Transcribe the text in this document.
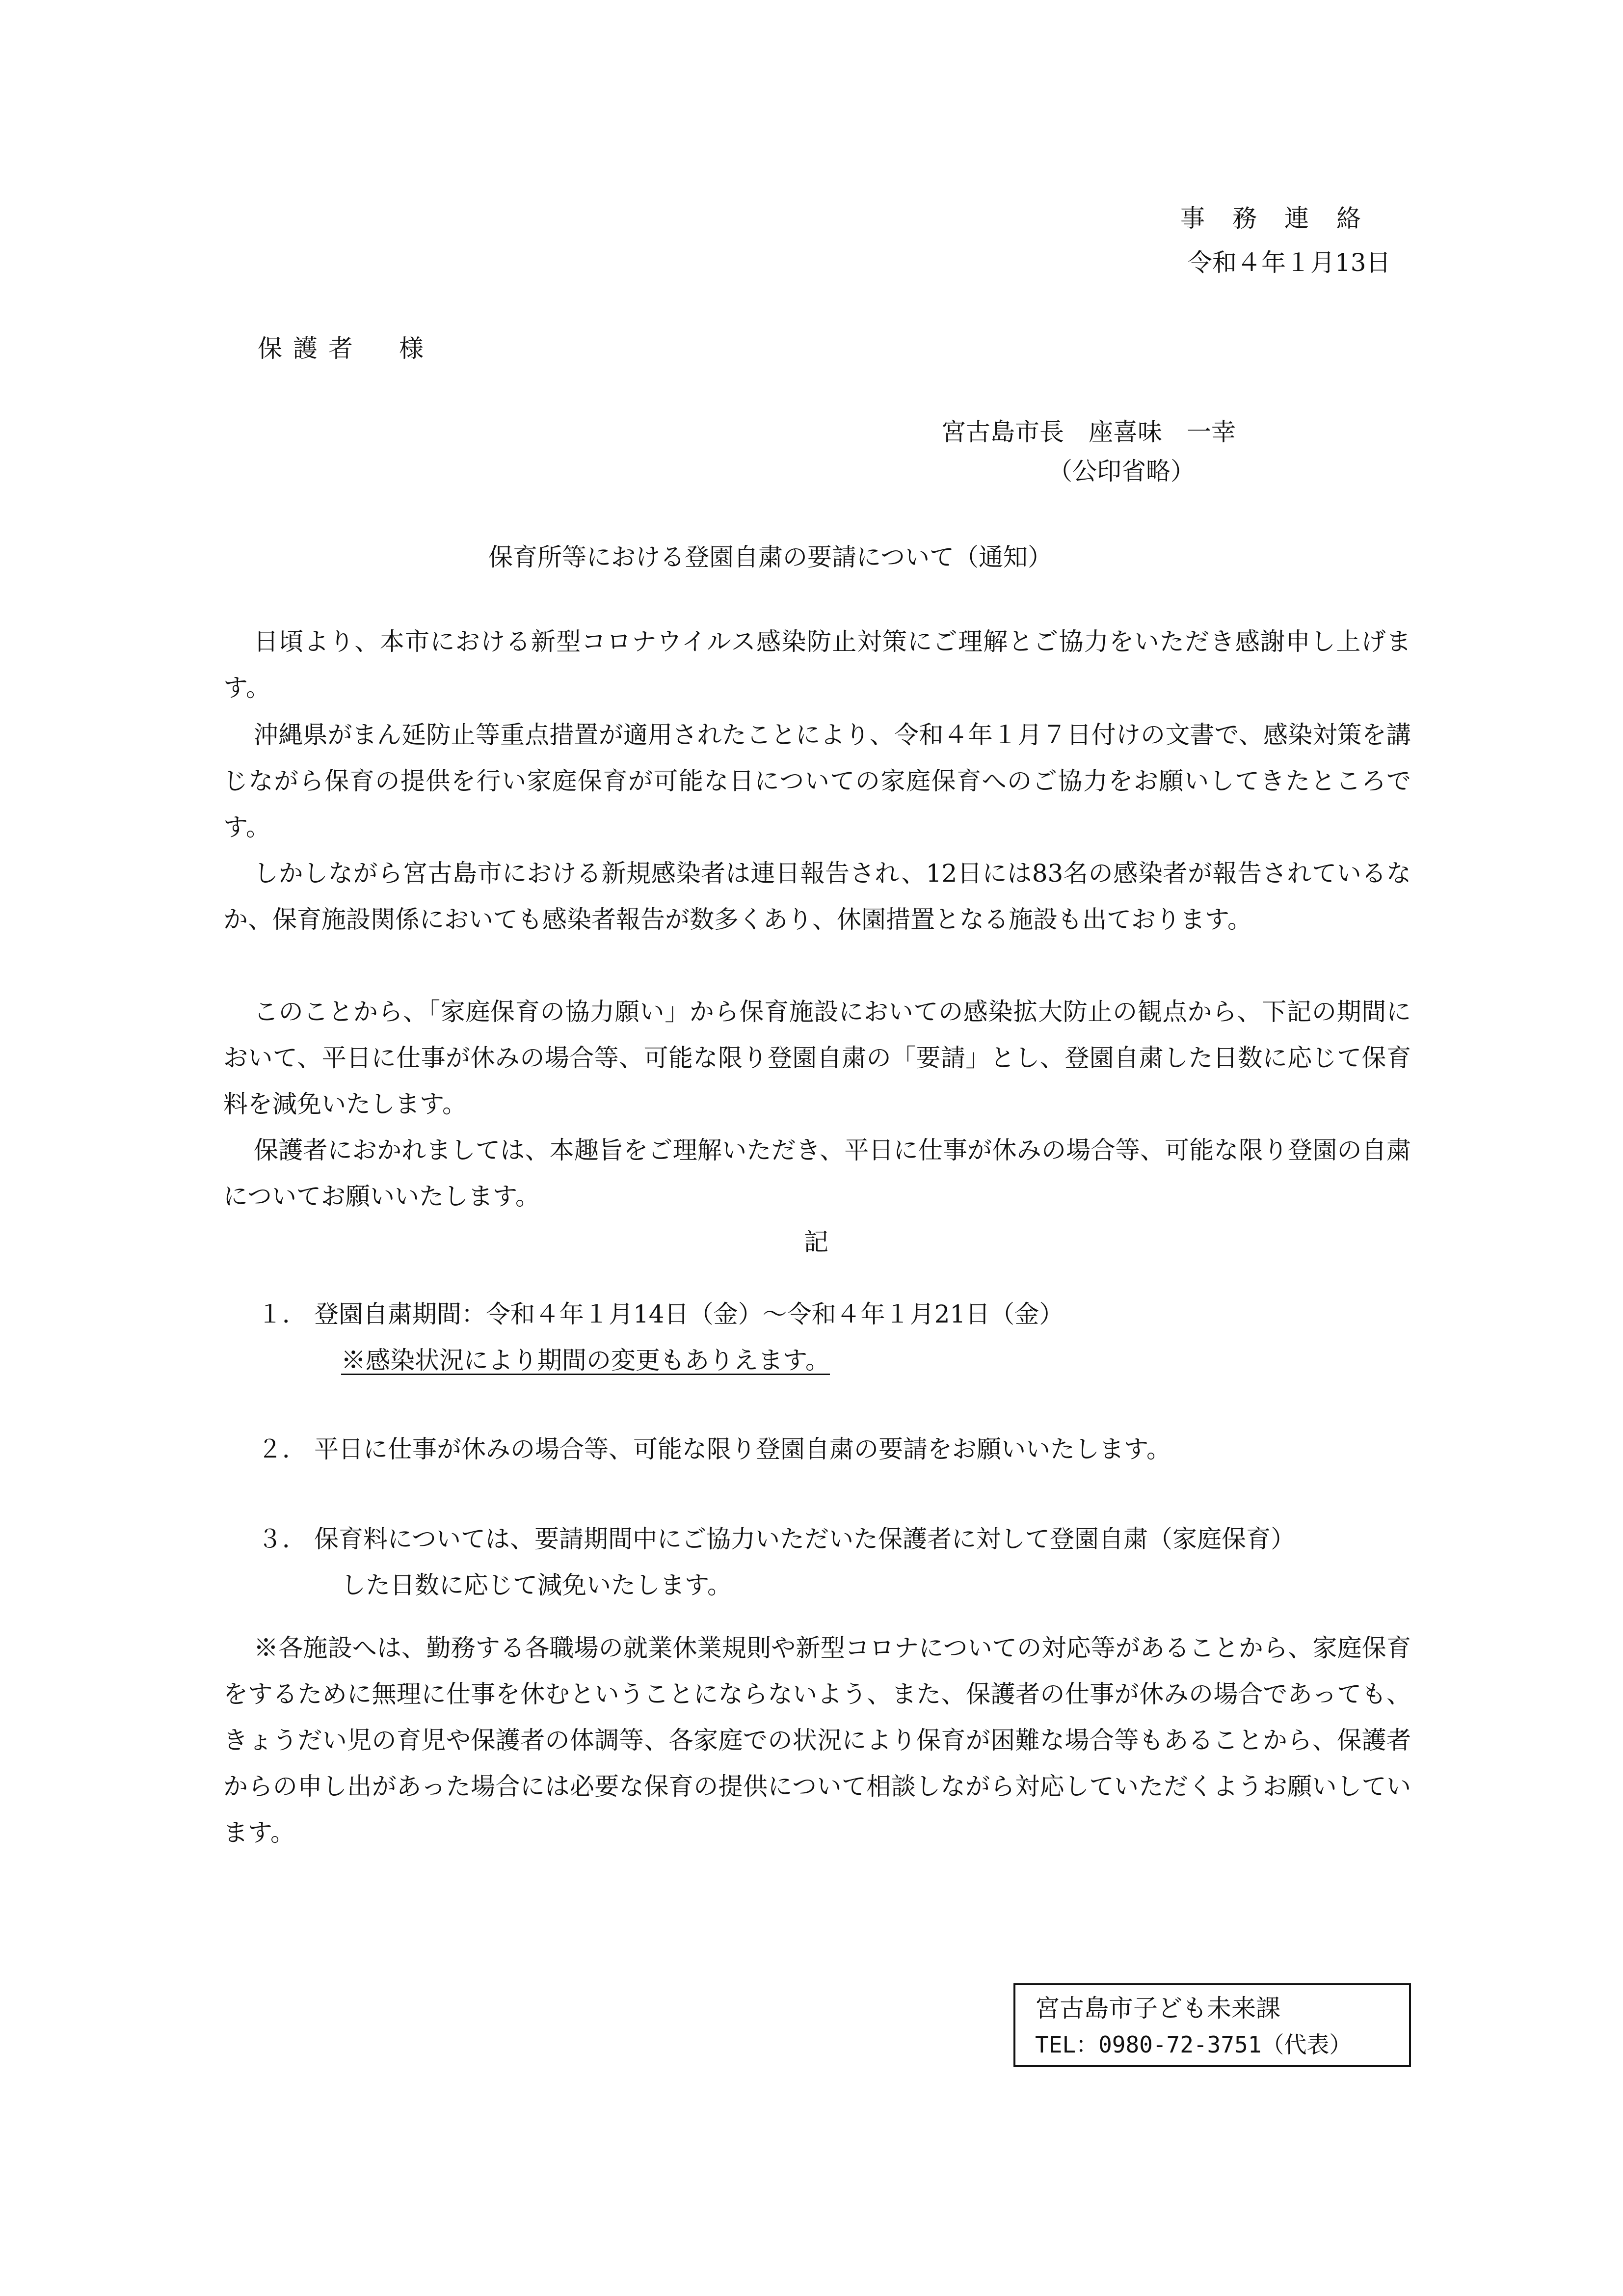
事務連絡
令和４年１月13日
保護者　様
宮古島市長　座喜味　一幸
（公印省略）
保育所等における登園自粛の要請について（通知）

日頃より、本市における新型コロナウイルス感染防止対策にご理解とご協力をいただき感謝申し上げます。

沖縄県がまん延防止等重点措置が適用されたことにより、令和４年１月７日付けの文書で、感染対策を講じながら保育の提供を行い家庭保育が可能な日についての家庭保育へのご協力をお願いしてきたところです。

しかしながら宮古島市における新規感染者は連日報告され、12日には83名の感染者が報告されているなか、保育施設関係においても感染者報告が数多くあり、休園措置となる施設も出ております。

このことから、「家庭保育の協力願い」から保育施設においての感染拡大防止の観点から、下記の期間において、平日に仕事が休みの場合等、可能な限り登園自粛の「要請」とし、登園自粛した日数に応じて保育料を減免いたします。

保護者におかれましては、本趣旨をご理解いただき、平日に仕事が休みの場合等、可能な限り登園の自粛についてお願いいたします。

記
１． 登園自粛期間：令和４年１月14日（金）～令和４年１月21日（金）
※感染状況により期間の変更もありえます。
２． 平日に仕事が休みの場合等、可能な限り登園自粛の要請をお願いいたします。
３． 保育料については、要請期間中にご協力いただいた保護者に対して登園自粛（家庭保育）
した日数に応じて減免いたします。

※各施設へは、勤務する各職場の就業休業規則や新型コロナについての対応等があることから、家庭保育をするために無理に仕事を休むということにならないよう、また、保護者の仕事が休みの場合であっても、きょうだい児の育児や保護者の体調等、各家庭での状況により保育が困難な場合等もあることから、保護者からの申し出があった場合には必要な保育の提供について相談しながら対応していただくようお願いしています。

宮古島市子ども未来課
TEL：0980-72-3751（代表）
